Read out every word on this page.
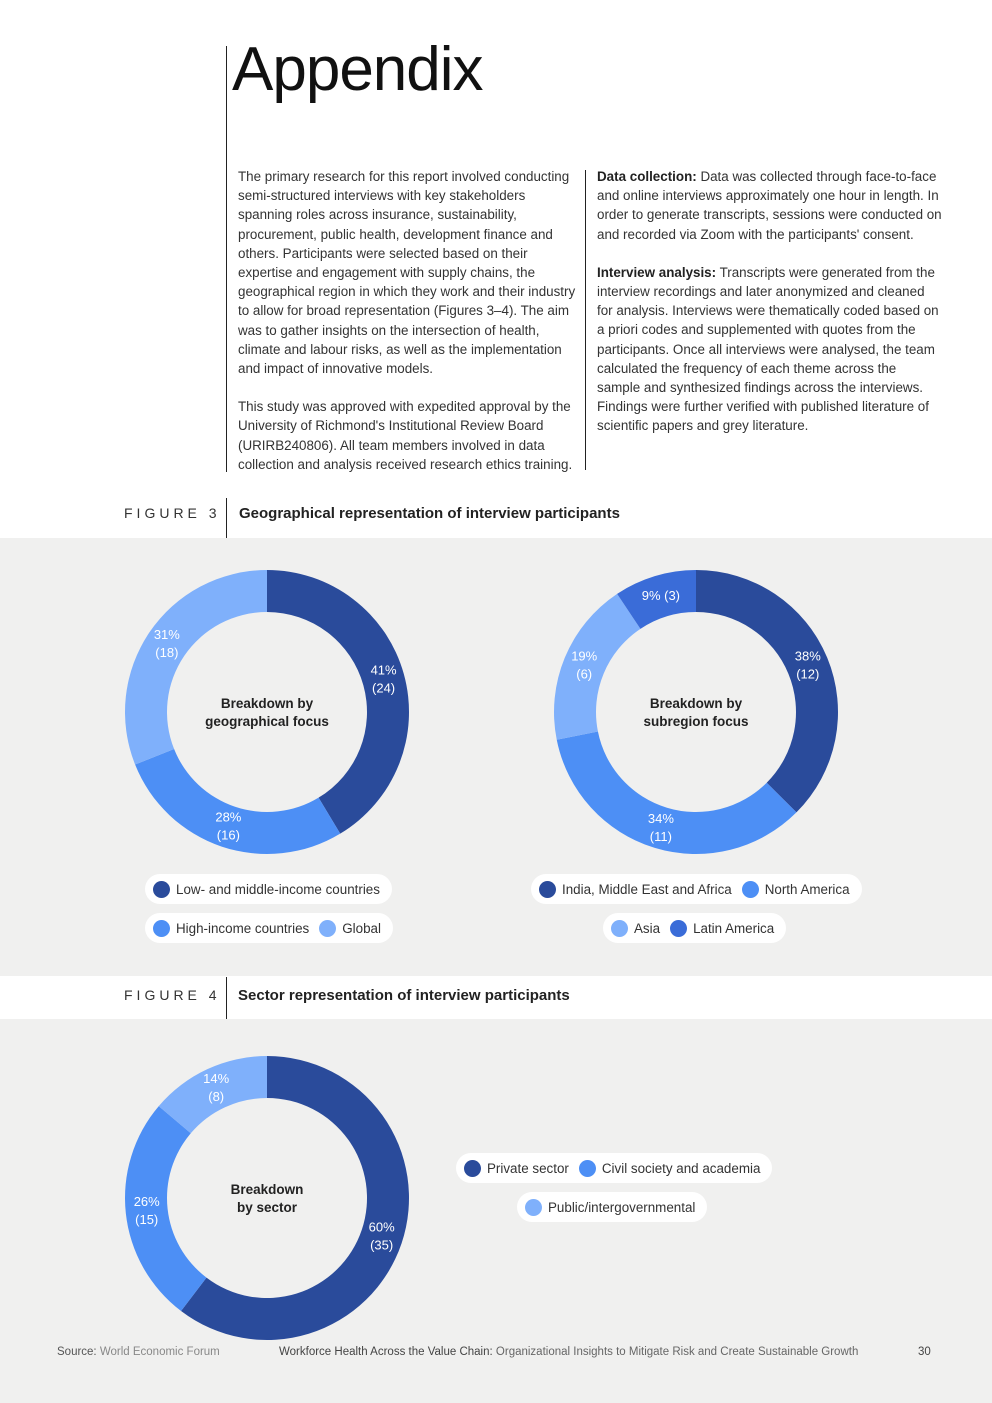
Appendix

The primary research for this report involved conducting semi-structured interviews with key stakeholders spanning roles across insurance, sustainability, procurement, public health, development finance and others. Participants were selected based on their expertise and engagement with supply chains, the geographical region in which they work and their industry to allow for broad representation (Figures 3–4). The aim was to gather insights on the intersection of health, climate and labour risks, as well as the implementation and impact of innovative models.

This study was approved with expedited approval by the University of Richmond's Institutional Review Board (URIRB240806). All team members involved in data collection and analysis received research ethics training.

Data collection: Data was collected through face-to-face and online interviews approximately one hour in length. In order to generate transcripts, sessions were conducted on and recorded via Zoom with the participants' consent.

Interview analysis: Transcripts were generated from the interview recordings and later anonymized and cleaned for analysis. Interviews were thematically coded based on a priori codes and supplemented with quotes from the participants. Once all interviews were analysed, the team calculated the frequency of each theme across the sample and synthesized findings across the interviews. Findings were further verified with published literature of scientific papers and grey literature.

FIGURE 3 Geographical representation of interview participants
FIGURE 4 Sector representation of interview participants
41% (24)
28% (16)
31% (18)
Breakdown by geographical focus
38% (12)
34% (11)
19% (6)
9% (3)
Breakdown by subregion focus
60% (35)
26% (15)
14% (8)
Breakdown by sector
Low- and middle-income countries
High-income countries Global
India, Middle East and Africa North America
Asia Latin America
Private sector Civil society and academia
Public/intergovernmental
Source: World Economic Forum	Workforce Health Across the Value Chain: Organizational Insights to Mitigate Risk and Create Sustainable Growth	30
